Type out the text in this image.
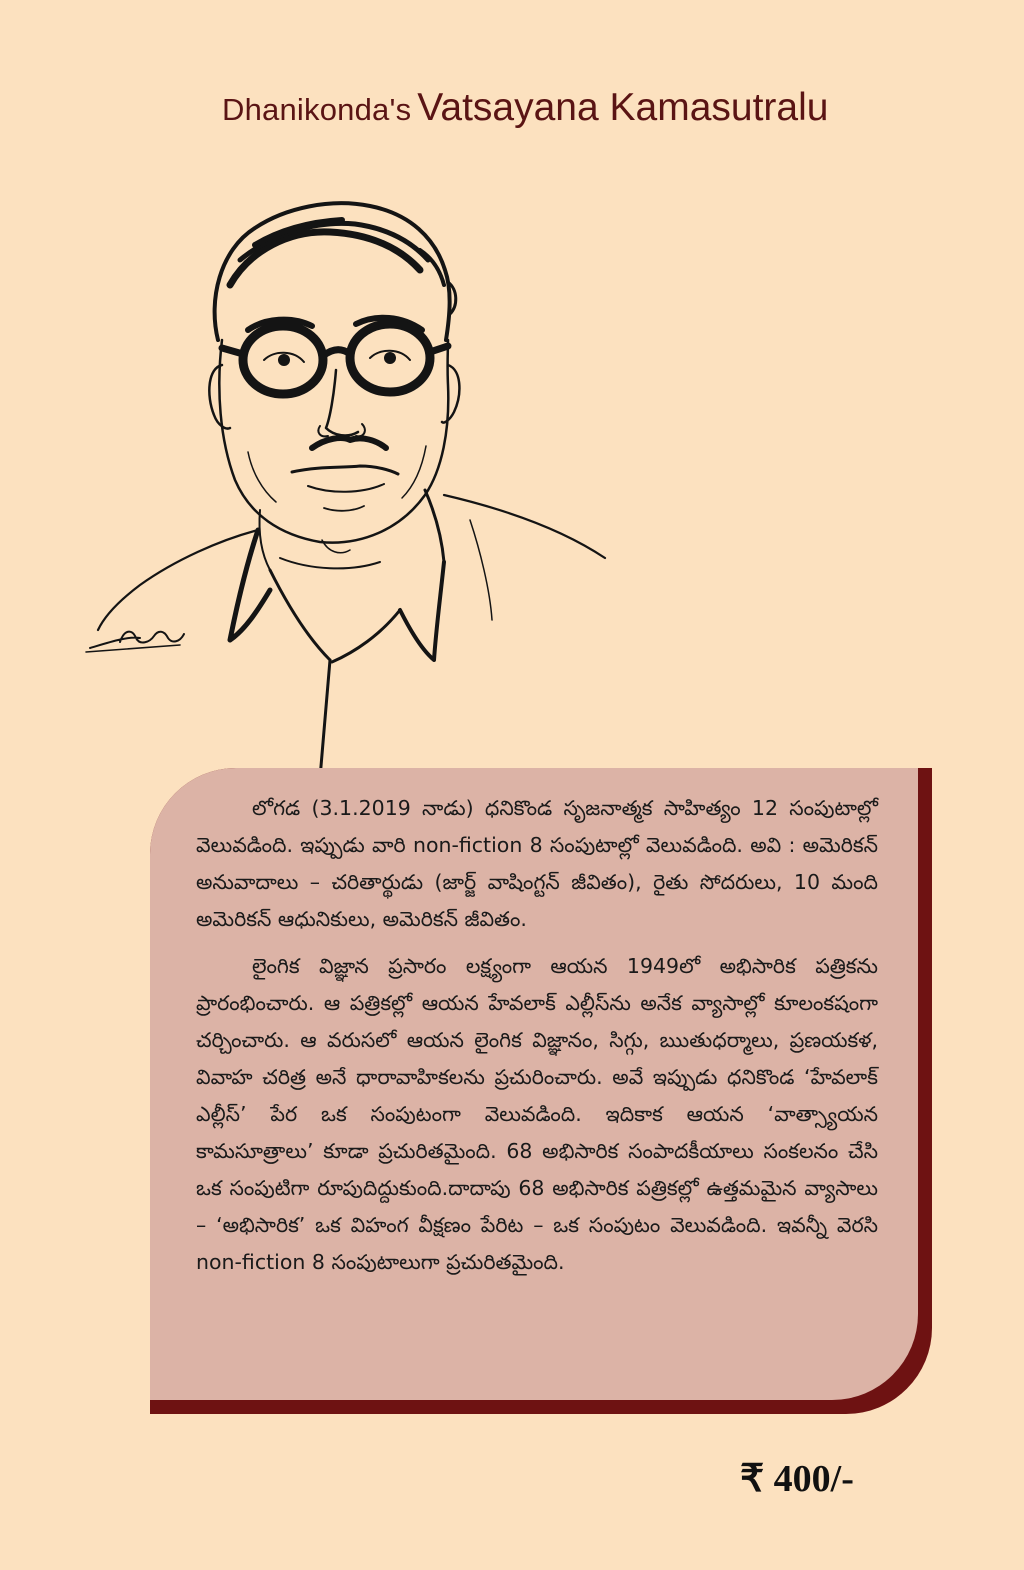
Dhanikonda's Vatsayana Kamasutralu

లోగడ (3.1.2019 నాడు) ధనికొండ సృజనాత్మక సాహిత్యం 12 సంపుటాల్లో వెలువడింది. ఇప్పుడు వారి non-fiction 8 సంపుటాల్లో వెలువడింది. అవి : అమెరికన్ అనువాదాలు – చరితార్థుడు (జార్జ్ వాషింగ్టన్ జీవితం), రైతు సోదరులు, 10 మంది అమెరికన్ ఆధునికులు, అమెరికన్ జీవితం.

లైంగిక విజ్ఞాన ప్రసారం లక్ష్యంగా ఆయన 1949లో అభిసారిక పత్రికను ప్రారంభించారు. ఆ పత్రికల్లో ఆయన హేవలాక్ ఎల్లీస్‌ను అనేక వ్యాసాల్లో కూలంకషంగా చర్చించారు. ఆ వరుసలో ఆయన లైంగిక విజ్ఞానం, సిగ్గు, ఋతుధర్మాలు, ప్రణయకళ, వివాహ చరిత్ర అనే ధారావాహికలను ప్రచురించారు. అవే ఇప్పుడు ధనికొండ ‘హేవలాక్ ఎల్లీస్’ పేర ఒక సంపుటంగా వెలువడింది. ఇదికాక ఆయన ‘వాత్స్యాయన కామసూత్రాలు’ కూడా ప్రచురితమైంది. 68 అభిసారిక సంపాదకీయాలు సంకలనం చేసి ఒక సంపుటిగా రూపుదిద్దుకుంది.దాదాపు 68 అభిసారిక పత్రికల్లో ఉత్తమమైన వ్యాసాలు – ‘అభిసారిక’ ఒక విహంగ వీక్షణం పేరిట – ఒక సంపుటం వెలువడింది. ఇవన్నీ వెరసి non-fiction 8 సంపుటాలుగా ప్రచురితమైంది.

₹ 400/-
